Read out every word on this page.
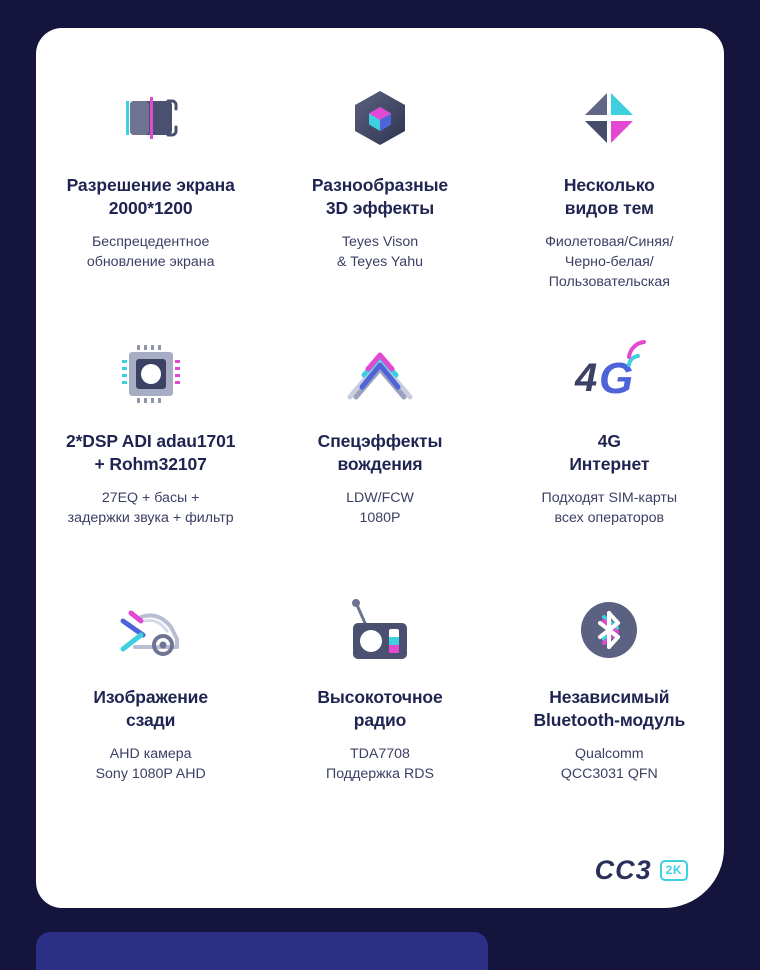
Разрешение экрана
2000*1200
Беспрецедентное
обновление экрана
Разнообразные
3D эффекты
Teyes Vison
& Teyes Yahu
Несколько
видов тем
Фиолетовая/Синяя/
Черно-белая/
Пользовательская
2*DSP ADI adau1701
+ Rohm32107
27EQ + басы +
задержки звука + фильтр
Спецэффекты
вождения
LDW/FCW
1080P
4 G
4G
Интернет
Подходят SIM-карты
всех операторов
Изображение
сзади
AHD камера
Sony 1080P AHD
Высокоточное
радио
TDA7708
Поддержка RDS
Независимый
Bluetooth-модуль
Qualcomm
QCC3031 QFN
CC3	2K
